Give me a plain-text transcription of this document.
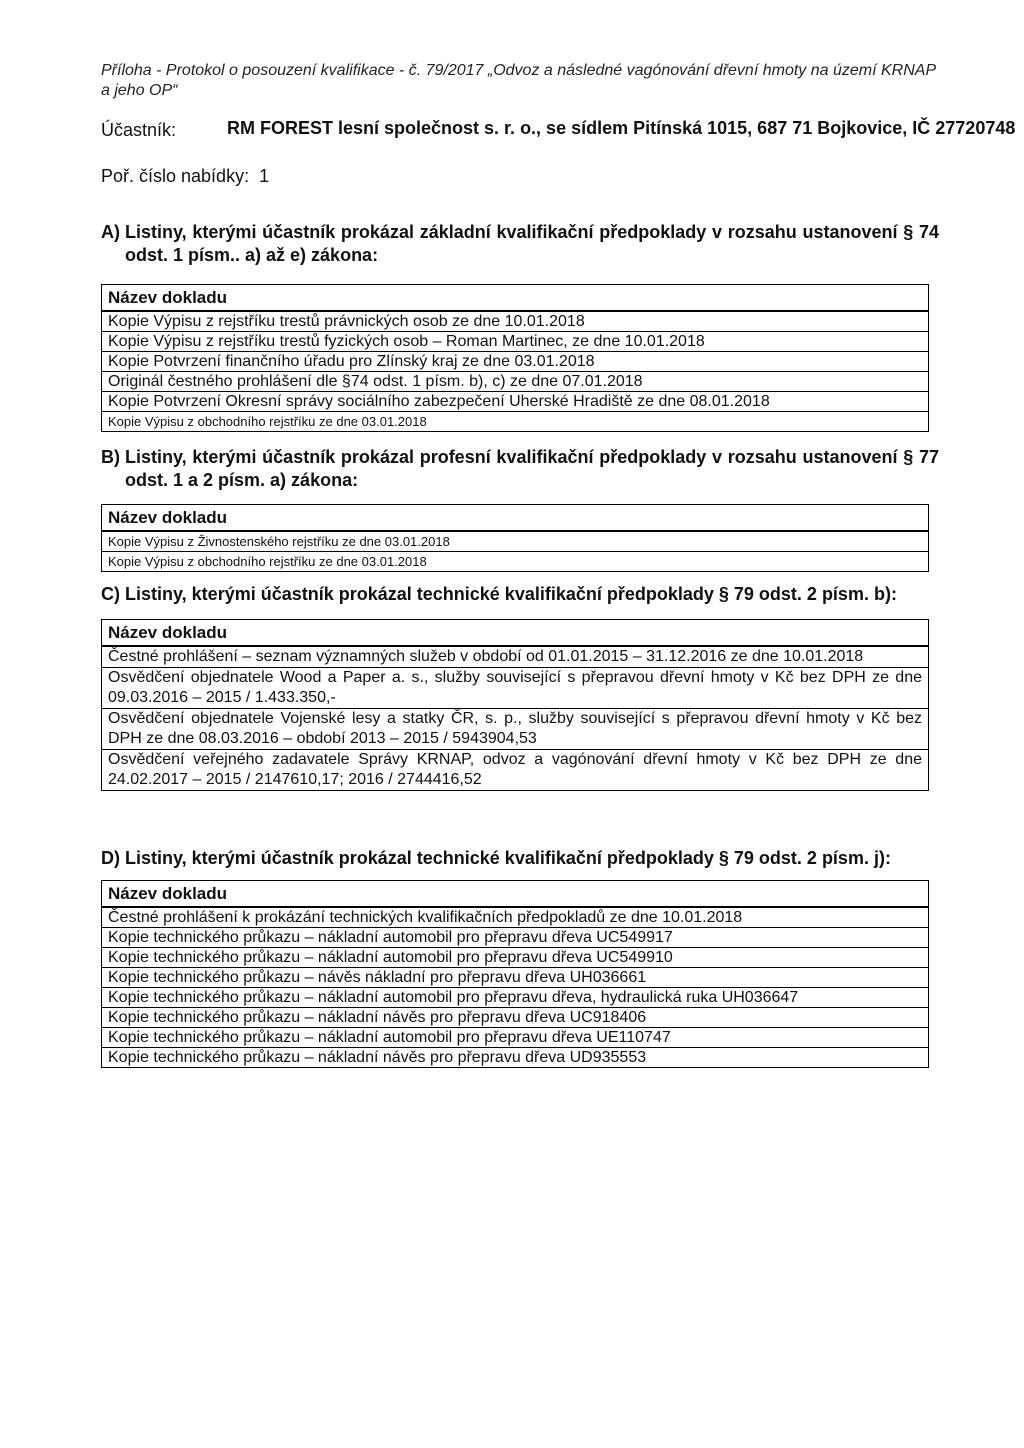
Příloha - Protokol o posouzení kvalifikace - č. 79/2017 „Odvoz a následné vagónování dřevní hmoty na území KRNAP a jeho OP“
Účastník:	RM FOREST lesní společnost s. r. o., se sídlem Pitínská 1015, 687 71 Bojkovice, IČ 27720748
Poř. číslo nabídky: 1
A) Listiny, kterými účastník prokázal základní kvalifikační předpoklady v rozsahu ustanovení § 74 odst. 1 písm.. a) až e) zákona:
Název dokladu
Kopie Výpisu z rejstříku trestů právnických osob ze dne 10.01.2018
Kopie Výpisu z rejstříku trestů fyzických osob – Roman Martinec, ze dne 10.01.2018
Kopie Potvrzení finančního úřadu pro Zlínský kraj ze dne 03.01.2018
Originál čestného prohlášení dle §74 odst. 1 písm. b), c) ze dne 07.01.2018
Kopie Potvrzení Okresní správy sociálního zabezpečení Uherské Hradiště ze dne 08.01.2018
Kopie Výpisu z obchodního rejstříku ze dne 03.01.2018
B) Listiny, kterými účastník prokázal profesní kvalifikační předpoklady v rozsahu ustanovení § 77 odst. 1 a 2 písm. a) zákona:
Název dokladu
Kopie Výpisu z Živnostenského rejstříku ze dne 03.01.2018
Kopie Výpisu z obchodního rejstříku ze dne 03.01.2018
C) Listiny, kterými účastník prokázal technické kvalifikační předpoklady § 79 odst. 2 písm. b):
Název dokladu
Čestné prohlášení – seznam významných služeb v období od 01.01.2015 – 31.12.2016 ze dne 10.01.2018
Osvědčení objednatele Wood a Paper a. s., služby související s přepravou dřevní hmoty v Kč bez DPH ze dne 09.03.2016 – 2015 / 1.433.350,-
Osvědčení objednatele Vojenské lesy a statky ČR, s. p., služby související s přepravou dřevní hmoty v Kč bez DPH ze dne 08.03.2016 – období 2013 – 2015 / 5943904,53
Osvědčení veřejného zadavatele Správy KRNAP, odvoz a vagónování dřevní hmoty v Kč bez DPH ze dne 24.02.2017 – 2015 / 2147610,17; 2016 / 2744416,52
D) Listiny, kterými účastník prokázal technické kvalifikační předpoklady § 79 odst. 2 písm. j):
Název dokladu
Čestné prohlášení k prokázání technických kvalifikačních předpokladů ze dne 10.01.2018
Kopie technického průkazu – nákladní automobil pro přepravu dřeva UC549917
Kopie technického průkazu – nákladní automobil pro přepravu dřeva UC549910
Kopie technického průkazu – návěs nákladní pro přepravu dřeva UH036661
Kopie technického průkazu – nákladní automobil pro přepravu dřeva, hydraulická ruka UH036647
Kopie technického průkazu – nákladní návěs pro přepravu dřeva UC918406
Kopie technického průkazu – nákladní automobil pro přepravu dřeva UE110747
Kopie technického průkazu – nákladní návěs pro přepravu dřeva UD935553
